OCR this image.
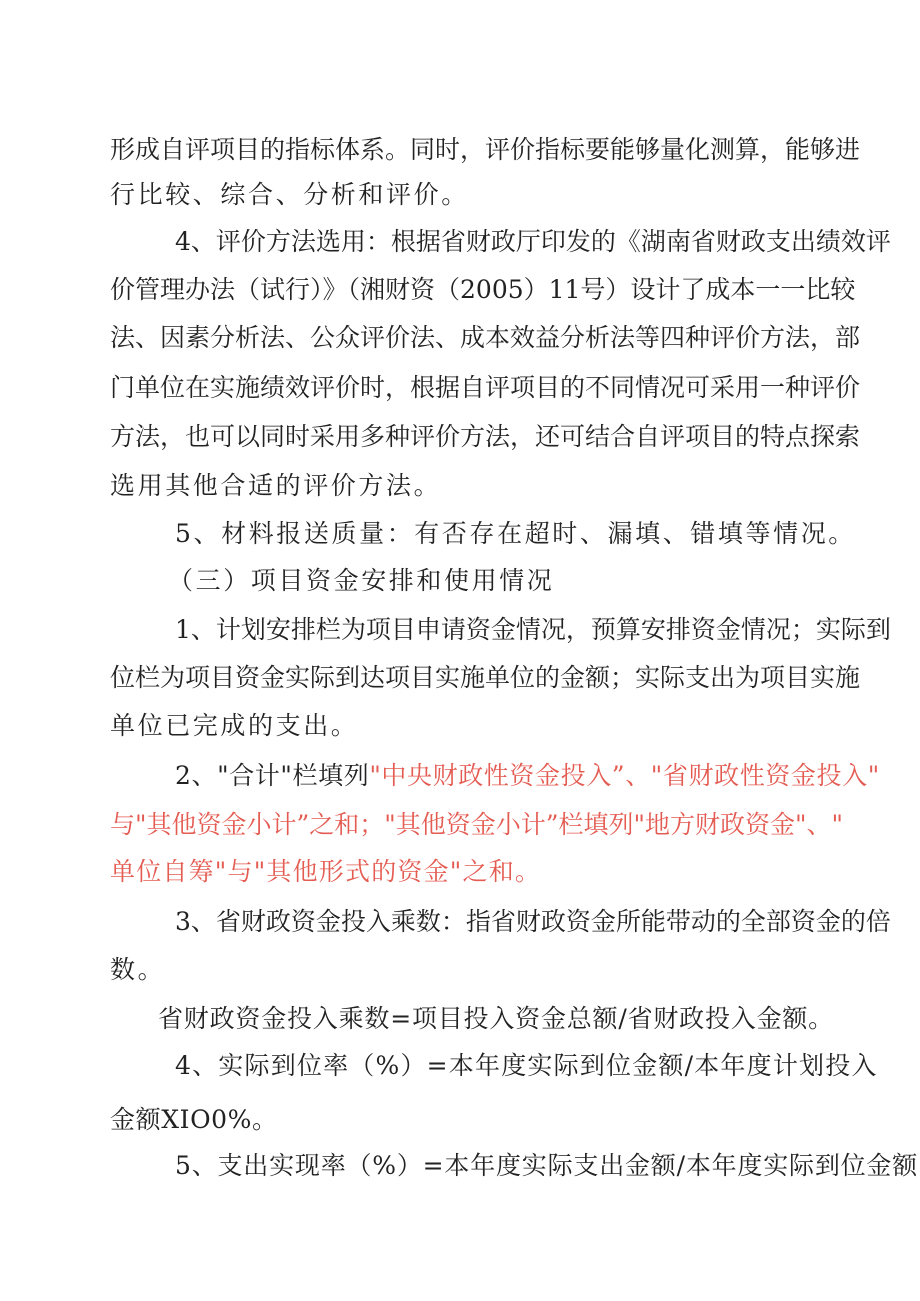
形成自评项目的指标体系。同时，评价指标要能够量化测算，能够进
行比较、综合、分析和评价。
4、评价方法选用：根据省财政厅印发的《湖南省财政支出绩效评
价管理办法（试行）》（湘财资（2005）11号）设计了成本一一比较
法、因素分析法、公众评价法、成本效益分析法等四种评价方法，部
门单位在实施绩效评价时，根据自评项目的不同情况可采用一种评价
方法，也可以同时采用多种评价方法，还可结合自评项目的特点探索
选用其他合适的评价方法。
5、材料报送质量：有否存在超时、漏填、错填等情况。
（三）项目资金安排和使用情况
1、计划安排栏为项目申请资金情况，预算安排资金情况；实际到
位栏为项目资金实际到达项目实施单位的金额；实际支出为项目实施
单位已完成的支出。
2、"合计"栏填列"中央财政性资金投入”、"省财政性资金投入"
与"其他资金小计”之和；"其他资金小计”栏填列"地方财政资金"、"
单位自筹"与"其他形式的资金"之和。
3、省财政资金投入乘数：指省财政资金所能带动的全部资金的倍
数。
省财政资金投入乘数=项目投入资金总额/省财政投入金额。
4、实际到位率（%）=本年度实际到位金额/本年度计划投入
金额XIO0%。
5、支出实现率（%）=本年度实际支出金额/本年度实际到位金额
